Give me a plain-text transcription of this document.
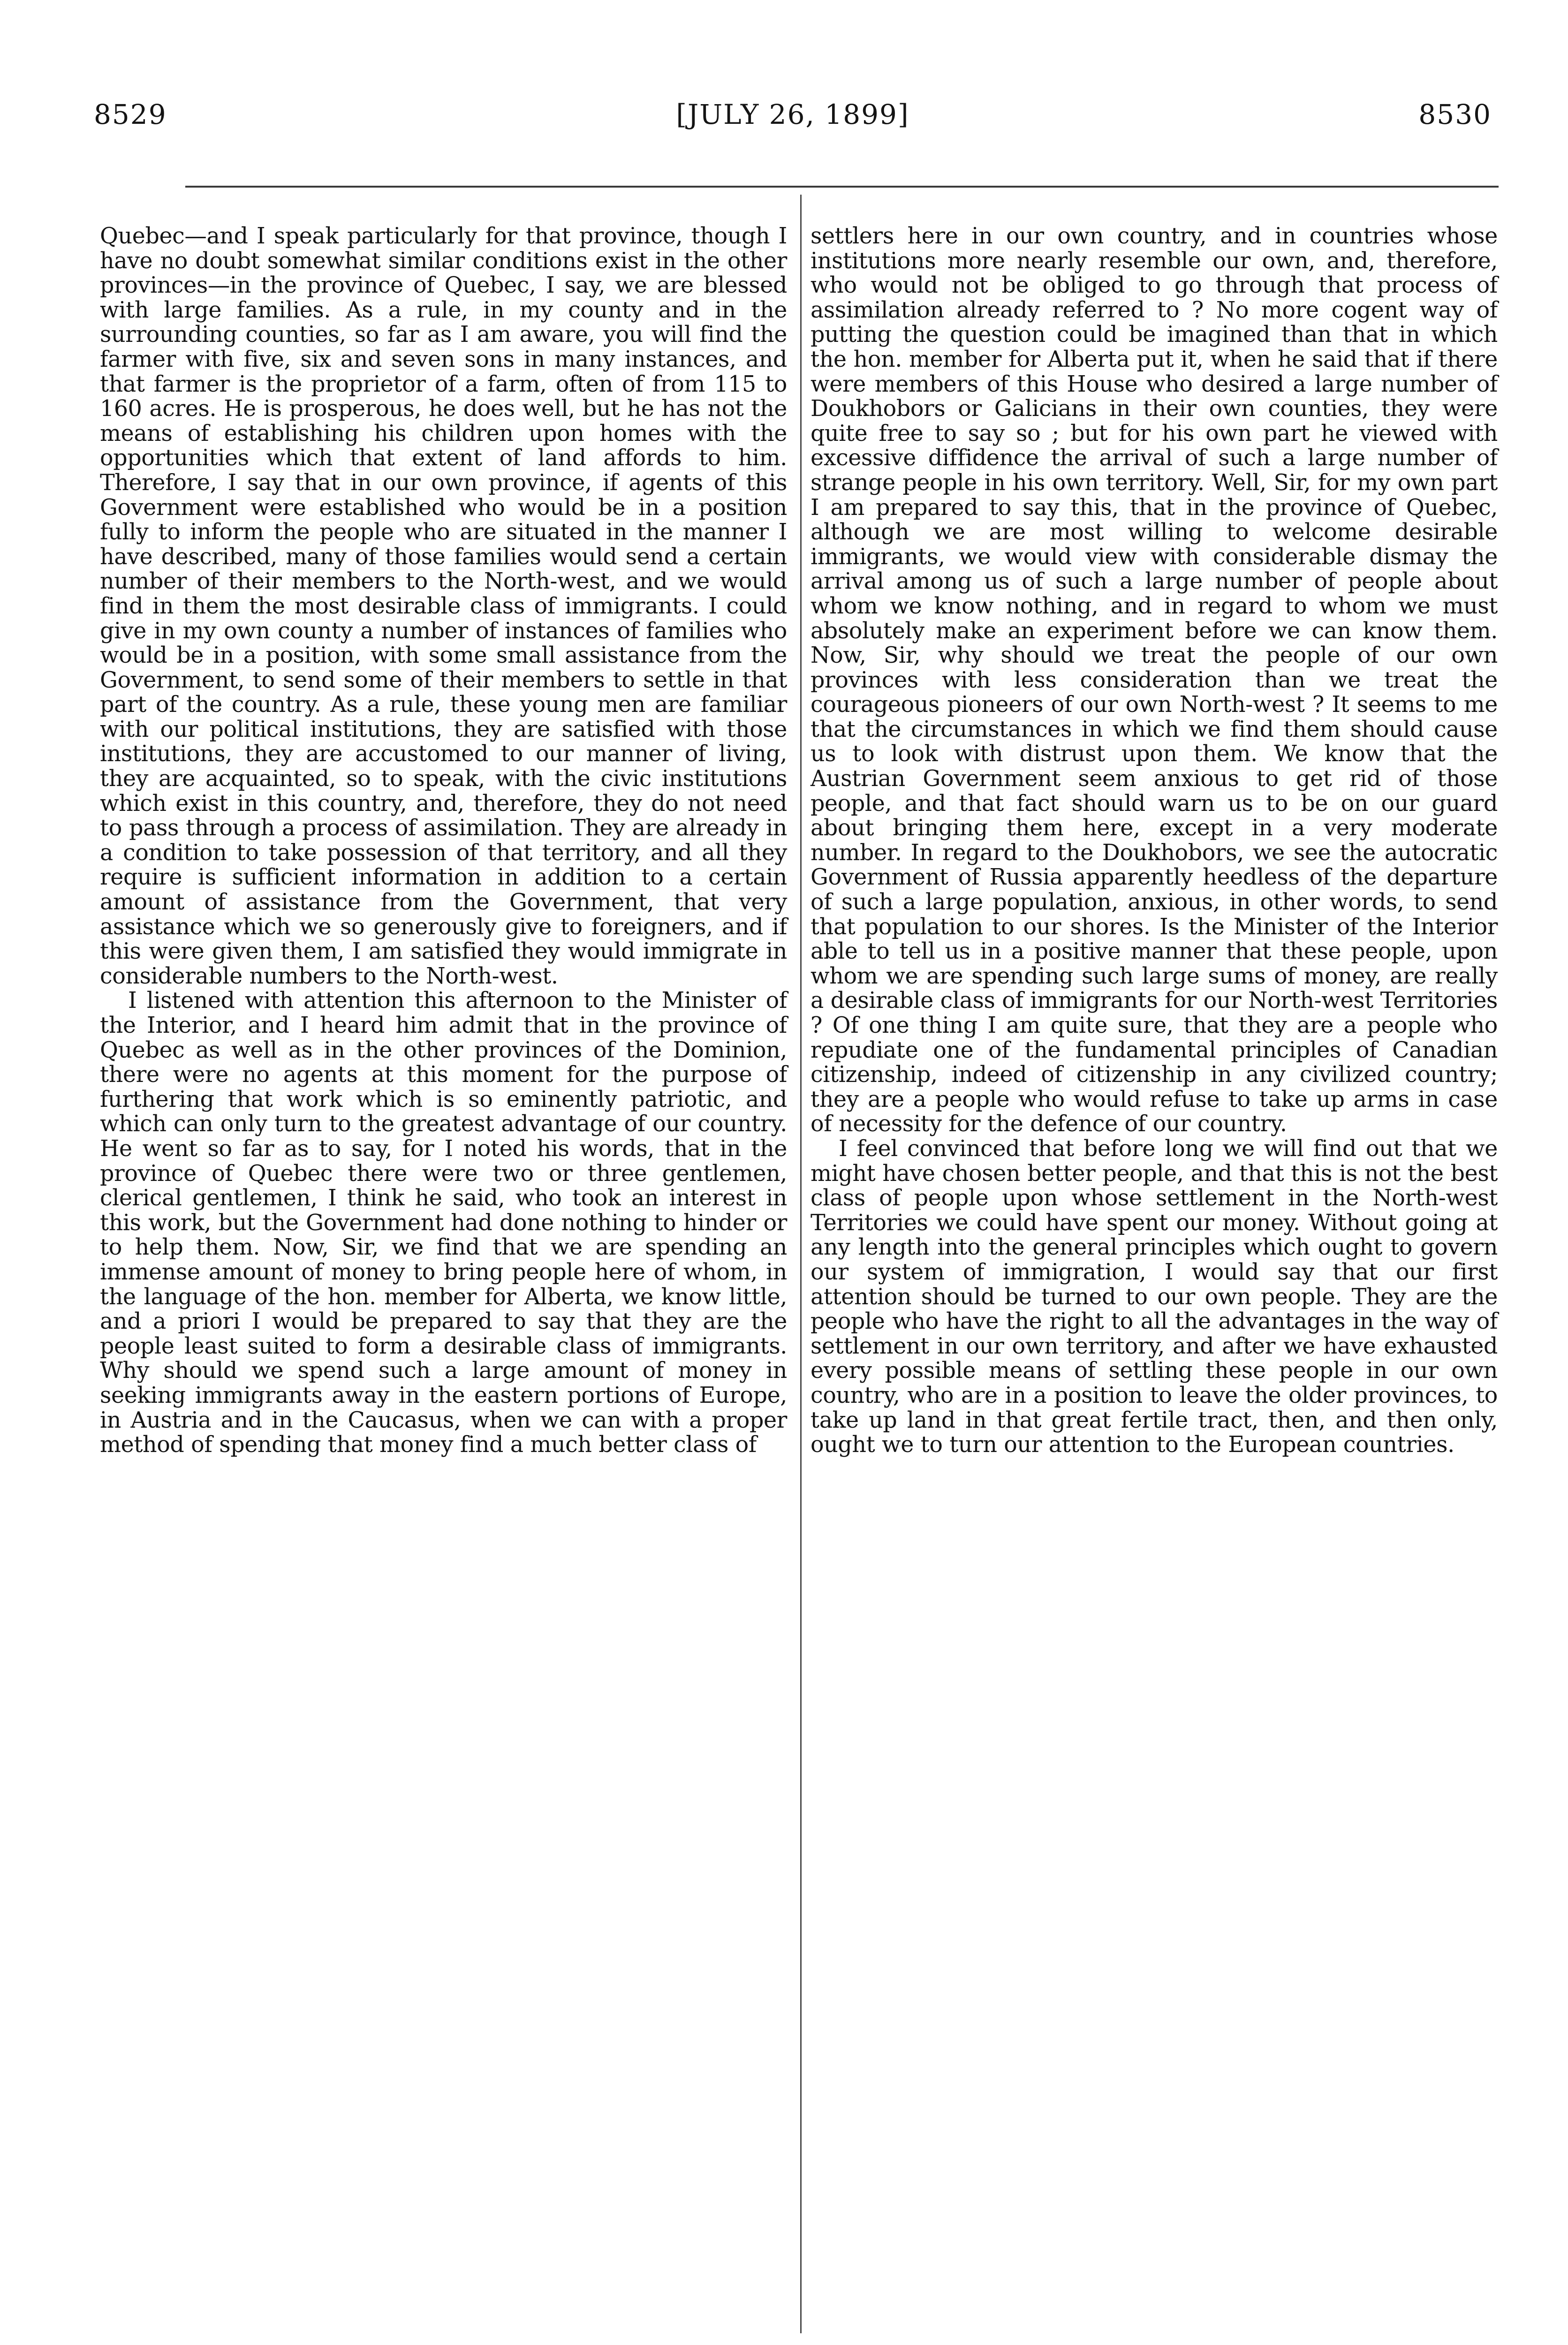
8529	[JULY 26, 1899]	8530

Quebec—and I speak particularly for that province, though I have no doubt somewhat similar conditions exist in the other provinces—in the province of Quebec, I say, we are blessed with large families. As a rule, in my county and in the surrounding counties, so far as I am aware, you will find the farmer with five, six and seven sons in many instances, and that farmer is the proprietor of a farm, often of from 115 to 160 acres. He is prosperous, he does well, but he has not the means of establishing his children upon homes with the opportunities which that extent of land affords to him. Therefore, I say that in our own province, if agents of this Government were established who would be in a position fully to inform the people who are situated in the manner I have described, many of those families would send a certain number of their members to the North-west, and we would find in them the most desirable class of immigrants. I could give in my own county a number of instances of families who would be in a position, with some small assistance from the Government, to send some of their members to settle in that part of the country. As a rule, these young men are familiar with our political institutions, they are satisfied with those institutions, they are accustomed to our manner of living, they are acquainted, so to speak, with the civic institutions which exist in this country, and, therefore, they do not need to pass through a process of assimilation. They are already in a condition to take possession of that territory, and all they require is sufficient information in addition to a certain amount of assistance from the Government, that very assistance which we so generously give to foreigners, and if this were given them, I am satisfied they would immigrate in considerable numbers to the North-west.

I listened with attention this afternoon to the Minister of the Interior, and I heard him admit that in the province of Quebec as well as in the other provinces of the Dominion, there were no agents at this moment for the purpose of furthering that work which is so eminently patriotic, and which can only turn to the greatest advantage of our country. He went so far as to say, for I noted his words, that in the province of Quebec there were two or three gentlemen, clerical gentlemen, I think he said, who took an interest in this work, but the Government had done nothing to hinder or to help them. Now, Sir, we find that we are spending an immense amount of money to bring people here of whom, in the language of the hon. member for Alberta, we know little, and a priori I would be prepared to say that they are the people least suited to form a desirable class of immigrants. Why should we spend such a large amount of money in seeking immigrants away in the eastern portions of Europe, in Austria and in the Caucasus, when we can with a proper method of spending that money find a much better class of

settlers here in our own country, and in countries whose institutions more nearly resemble our own, and, therefore, who would not be obliged to go through that process of assimilation already referred to ? No more cogent way of putting the question could be imagined than that in which the hon. member for Alberta put it, when he said that if there were members of this House who desired a large number of Doukhobors or Galicians in their own counties, they were quite free to say so ; but for his own part he viewed with excessive diffidence the arrival of such a large number of strange people in his own territory. Well, Sir, for my own part I am prepared to say this, that in the province of Quebec, although we are most willing to welcome desirable immigrants, we would view with considerable dismay the arrival among us of such a large number of people about whom we know nothing, and in regard to whom we must absolutely make an experiment before we can know them. Now, Sir, why should we treat the people of our own provinces with less consideration than we treat the courageous pioneers of our own North-west ? It seems to me that the circumstances in which we find them should cause us to look with distrust upon them. We know that the Austrian Government seem anxious to get rid of those people, and that fact should warn us to be on our guard about bringing them here, except in a very moderate number. In regard to the Doukhobors, we see the autocratic Government of Russia apparently heedless of the departure of such a large population, anxious, in other words, to send that population to our shores. Is the Minister of the Interior able to tell us in a positive manner that these people, upon whom we are spending such large sums of money, are really a desirable class of immigrants for our North-west Territories ? Of one thing I am quite sure, that they are a people who repudiate one of the fundamental principles of Canadian citizenship, indeed of citizenship in any civilized country; they are a people who would refuse to take up arms in case of necessity for the defence of our country.

I feel convinced that before long we will find out that we might have chosen better people, and that this is not the best class of people upon whose settlement in the North-west Territories we could have spent our money. Without going at any length into the general principles which ought to govern our system of immigration, I would say that our first attention should be turned to our own people. They are the people who have the right to all the advantages in the way of settlement in our own territory, and after we have exhausted every possible means of settling these people in our own country, who are in a position to leave the older provinces, to take up land in that great fertile tract, then, and then only, ought we to turn our attention to the European countries.
